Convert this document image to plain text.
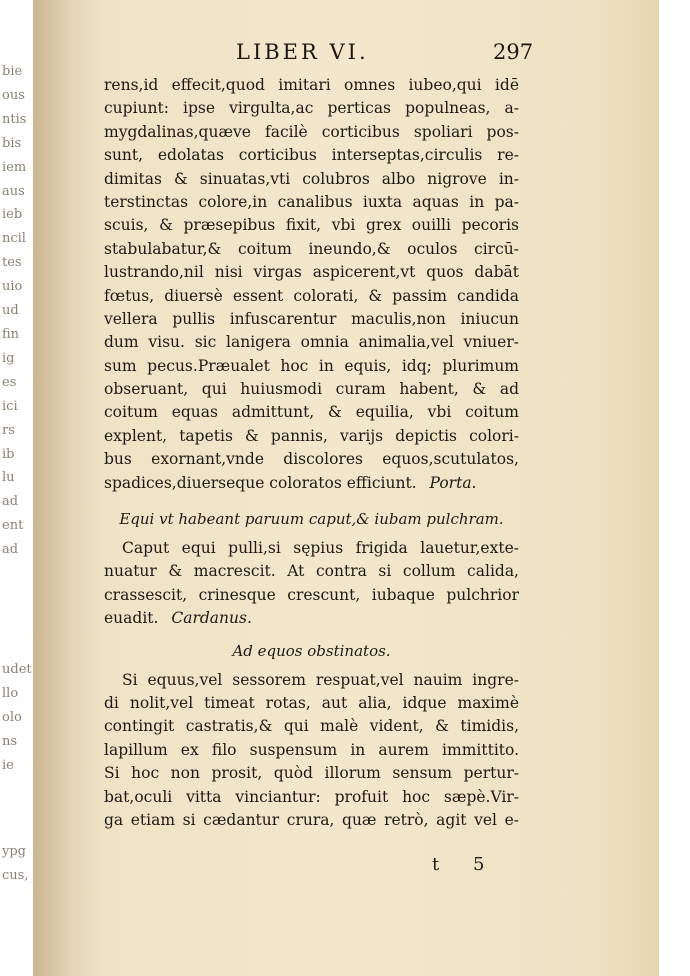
bie
ous
ntis
bis
iem
aus
ieb
ncil
tes
uio
ud
fin
ig
es
ici
rs
ib
lu
ad
ent
ad
udet
llo
olo
ns
ie
ypg
cus,
LIBER VI.	297
rens,id effecit,quod imitari omnes iubeo,qui idē
cupiunt: ipse virgulta,ac perticas populneas, a-
mygdalinas,quæve facilè corticibus spoliari pos-
sunt, edolatas corticibus interseptas,circulis re-
dimitas & sinuatas,vti colubros albo nigrove in-
terstinctas colore,in canalibus iuxta aquas in pa-
scuis, & præsepibus fixit, vbi grex ouilli pecoris
stabulabatur,& coitum ineundo,& oculos circū-
lustrando,nil nisi virgas aspicerent,vt quos dabāt
fœtus, diuersè essent colorati, & passim candida
vellera pullis infuscarentur maculis,non iniucun
dum visu. sic lanigera omnia animalia,vel vniuer-
sum pecus.Præualet hoc in equis, idq; plurimum
obseruant, qui huiusmodi curam habent, & ad
coitum equas admittunt, & equilia, vbi coitum
explent, tapetis & pannis, varijs depictis colori-
bus exornant,vnde discolores equos,scutulatos,
spadices,diuerseque coloratos efficiunt. Porta.
Equi vt habeant paruum caput,& iubam pulchram.
Caput equi pulli,si sępius frigida lauetur,exte-
nuatur & macrescit. At contra si collum calida,
crassescit, crinesque crescunt, iubaque pulchrior
euadit. Cardanus.
Ad equos obstinatos.
Si equus,vel sessorem respuat,vel nauim ingre-
di nolit,vel timeat rotas, aut alia, idque maximè
contingit castratis,& qui malè vident, & timidis,
lapillum ex filo suspensum in aurem immittito.
Si hoc non prosit, quòd illorum sensum pertur-
bat,oculi vitta vinciantur: profuit hoc sæpè.Vir-
ga etiam si cædantur crura, quæ retrò, agit vel e-
t 5
